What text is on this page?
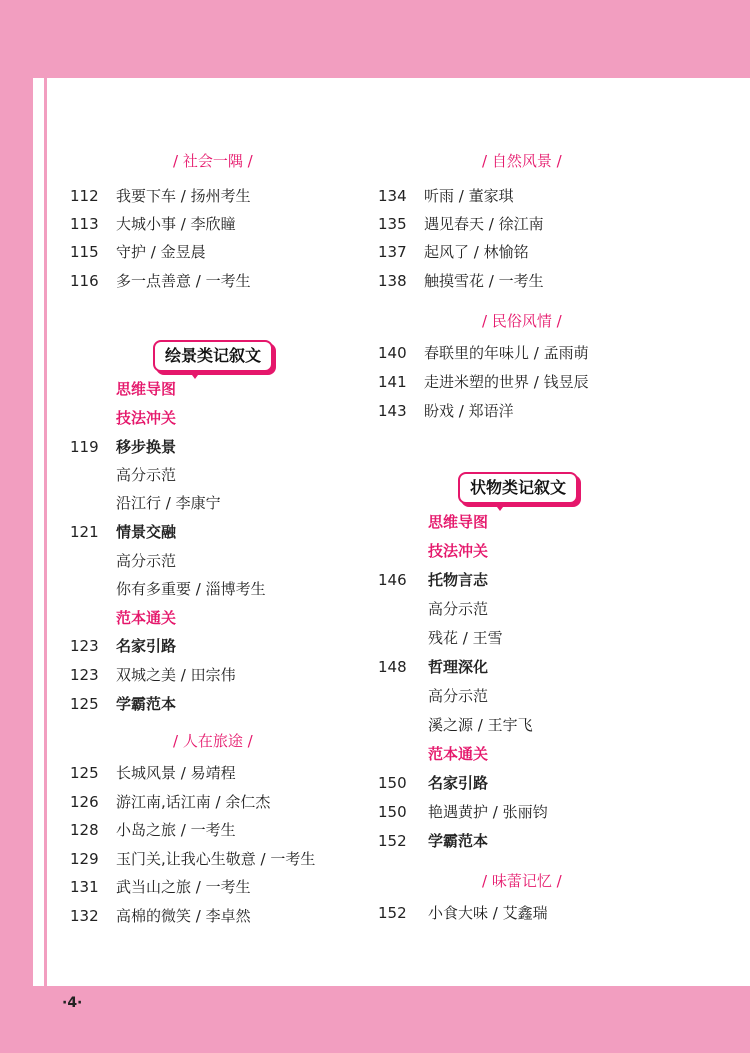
/ 社会一隅 /
112 我要下车 / 扬州考生
113 大城小事 / 李欣瞳
115 守护 / 金昱晨
116 多一点善意 / 一考生
绘景类记叙文
思维导图
技法冲关
119 移步换景
高分示范
沿江行 / 李康宁
121 情景交融
高分示范
你有多重要 / 淄博考生
范本通关
123 名家引路
123 双城之美 / 田宗伟
125 学霸范本
/ 人在旅途 /
125 长城风景 / 易靖程
126 游江南,话江南 / 余仁杰
128 小岛之旅 / 一考生
129 玉门关,让我心生敬意 / 一考生
131 武当山之旅 / 一考生
132 高棉的微笑 / 李卓然
/ 自然风景 /
134 听雨 / 董家琪
135 遇见春天 / 徐江南
137 起风了 / 林愉铭
138 触摸雪花 / 一考生
/ 民俗风情 /
140 春联里的年味儿 / 孟雨萌
141 走进米塑的世界 / 钱昱辰
143 盼戏 / 郑语洋
状物类记叙文
思维导图
技法冲关
146 托物言志
高分示范
残花 / 王雪
148 哲理深化
高分示范
溪之源 / 王宇飞
范本通关
150 名家引路
150 艳遇黄护 / 张丽钧
152 学霸范本
/ 味蕾记忆 /
152 小食大味 / 艾鑫瑞
·4·
